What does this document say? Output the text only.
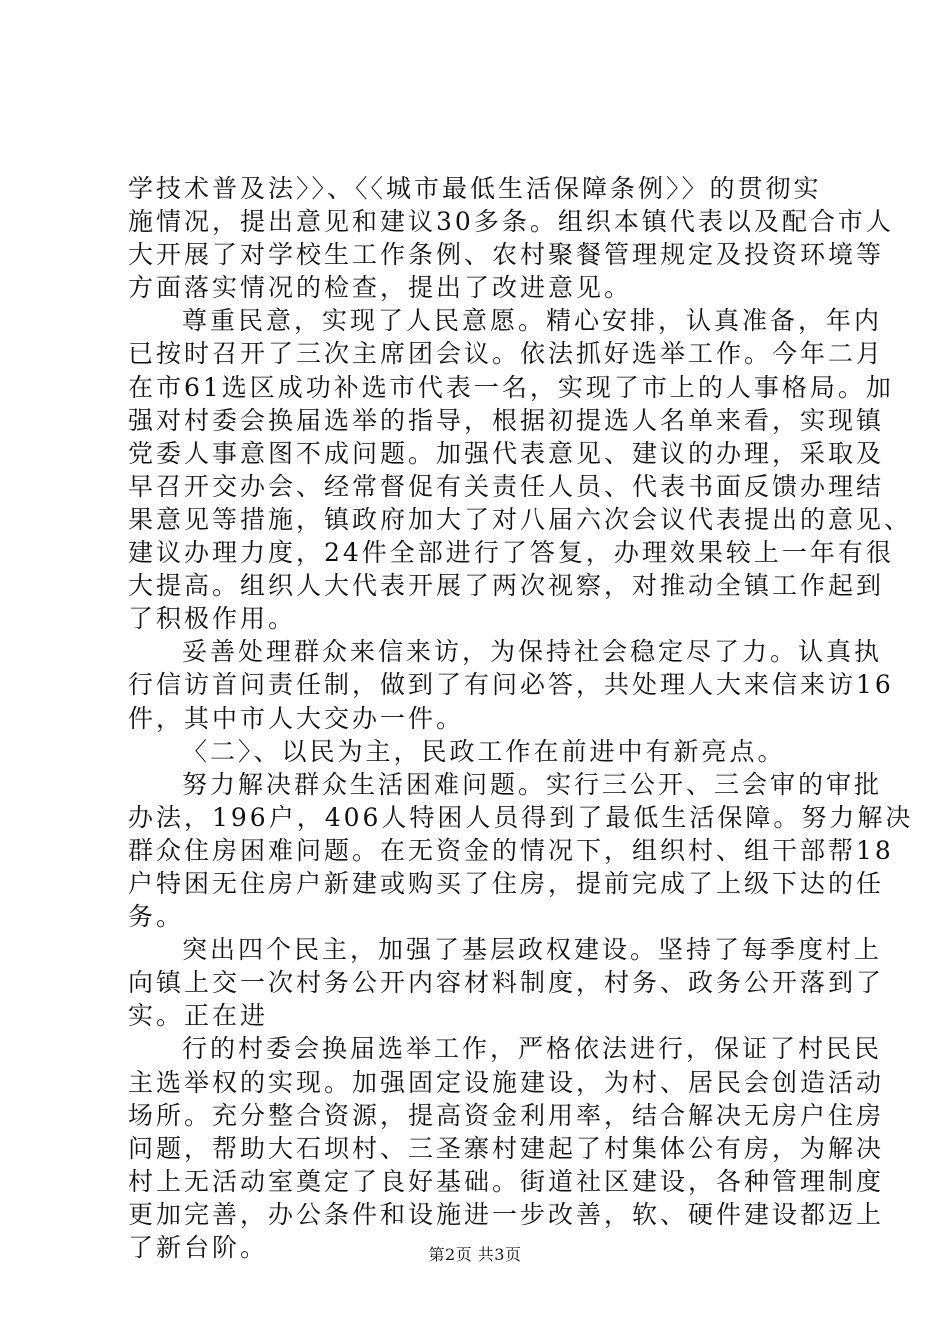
学技术普及法〉〉、〈〈城市最低生活保障条例〉〉的贯彻实
施情况，提出意见和建议30多条。组织本镇代表以及配合市人
大开展了对学校生工作条例、农村聚餐管理规定及投资环境等
方面落实情况的检查，提出了改进意见。
尊重民意，实现了人民意愿。精心安排，认真准备，年内
已按时召开了三次主席团会议。依法抓好选举工作。今年二月
在市61选区成功补选市代表一名，实现了市上的人事格局。加
强对村委会换届选举的指导，根据初提选人名单来看，实现镇
党委人事意图不成问题。加强代表意见、建议的办理，采取及
早召开交办会、经常督促有关责任人员、代表书面反馈办理结
果意见等措施，镇政府加大了对八届六次会议代表提出的意见、
建议办理力度，24件全部进行了答复，办理效果较上一年有很
大提高。组织人大代表开展了两次视察，对推动全镇工作起到
了积极作用。
妥善处理群众来信来访，为保持社会稳定尽了力。认真执
行信访首问责任制，做到了有问必答，共处理人大来信来访16
件，其中市人大交办一件。
〈二〉、以民为主，民政工作在前进中有新亮点。
努力解决群众生活困难问题。实行三公开、三会审的审批
办法，196户，406人特困人员得到了最低生活保障。努力解决
群众住房困难问题。在无资金的情况下，组织村、组干部帮18
户特困无住房户新建或购买了住房，提前完成了上级下达的任
务。
突出四个民主，加强了基层政权建设。坚持了每季度村上
向镇上交一次村务公开内容材料制度，村务、政务公开落到了
实。正在进
行的村委会换届选举工作，严格依法进行，保证了村民民
主选举权的实现。加强固定设施建设，为村、居民会创造活动
场所。充分整合资源，提高资金利用率，结合解决无房户住房
问题，帮助大石坝村、三圣寨村建起了村集体公有房，为解决
村上无活动室奠定了良好基础。街道社区建设，各种管理制度
更加完善，办公条件和设施进一步改善，软、硬件建设都迈上
了新台阶。	第2页 共3页
